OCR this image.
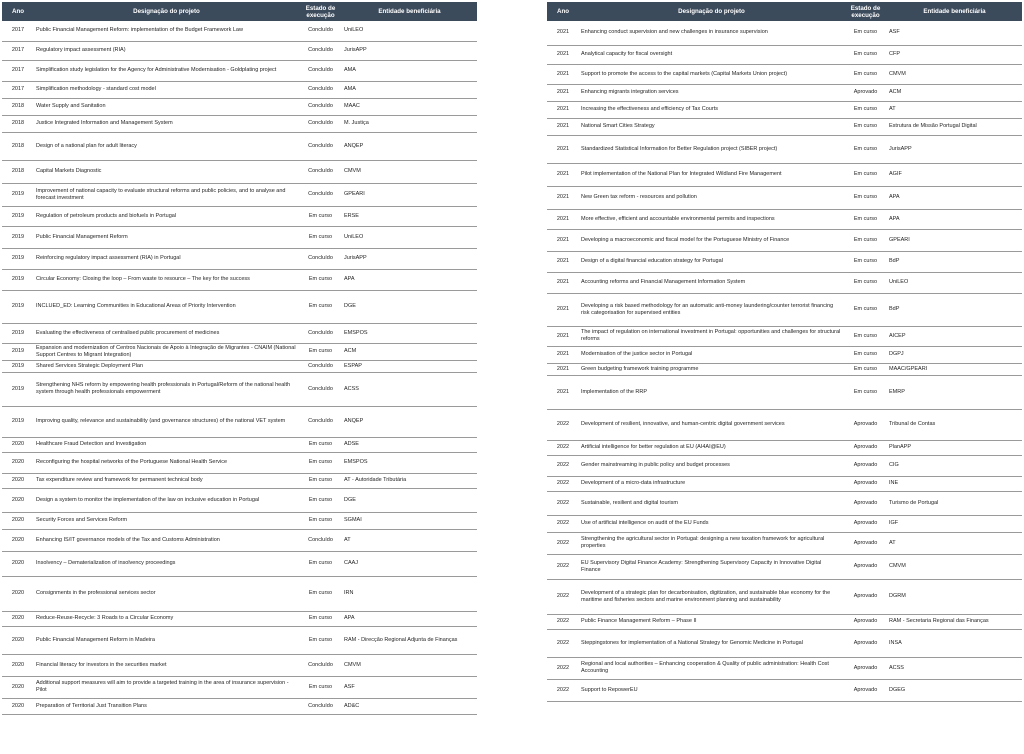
Ano	Designação do projeto	Estado de execução	Entidade beneficiária
2017	Public Financial Management Reform: implementation of the Budget Framework Law	Concluído	UniLEO
2017	Regulatory impact assessment (RIA)	Concluído	JurisAPP
2017	Simplification study legislation for the Agency for Administrative Modernisation - Goldplating project	Concluído	AMA
2017	Simplification methodology - standard cost model	Concluído	AMA
2018	Water Supply and Sanitation	Concluído	MAAC
2018	Justice Integrated Information and Management System	Concluído	M. Justiça
2018	Design of a national plan for adult literacy	Concluído	ANQEP
2018	Capital Markets Diagnostic	Concluído	CMVM
2019	Improvement of national capacity to evaluate structural reforms and public policies, and to analyse and forecast investment	Concluído	GPEARI
2019	Regulation of petroleum products and biofuels in Portugal	Em curso	ERSE
2019	Public Financial Management Reform	Em curso	UniLEO
2019	Reinforcing regulatory impact assessment (RIA) in Portugal	Concluído	JurisAPP
2019	Circular Economy: Closing the loop – From waste to resource – The key for the success	Em curso	APA
2019	INCLUED_ED: Learning Communities in Educational Areas of Priority Intervention	Em curso	DGE
2019	Evaluating the effectiveness of centralised public procurement of medicines	Concluído	EMSPOS
2019	Expansion and modernization of Centros Nacionais de Apoio à Integração de Migrantes - CNAIM (National Support Centres to Migrant Integration)	Em curso	ACM
2019	Shared Services Strategic Deployment Plan	Concluído	ESPAP
2019	Strengthening NHS reform by empowering health professionals in Portugal/Reform of the national health system through health professionals empowerment	Concluído	ACSS
2019	Improving quality, relevance and sustainability (and governance structures) of the national VET system	Concluído	ANQEP
2020	Healthcare Fraud Detection and Investigation	Em curso	ADSE
2020	Reconfiguring the hospital networks of the Portuguese National Health Service	Em curso	EMSPOS
2020	Tax expenditure review and framework for permanent technical body	Em curso	AT - Autoridade Tributária
2020	Design a system to monitor the implementation of the law on inclusive education in Portugal	Em curso	DGE
2020	Security Forces and Services Reform	Em curso	SGMAI
2020	Enhancing IS/IT governance models of the Tax and Customs Administration	Concluído	AT
2020	Insolvency – Dematerialization of insolvency proceedings	Em curso	CAAJ
2020	Consignments in the professional services sector	Em curso	IRN
2020	Reduce-Reuse-Recycle: 3 Roads to a Circular Economy	Em curso	APA
2020	Public Financial Management Reform in Madeira	Em curso	RAM - Direcção Regional Adjunta de Finanças
2020	Financial literacy for investors in the securities market	Concluído	CMVM
2020	Additional support measures will aim to provide a targeted training in the area of insurance supervision - Pilot	Em curso	ASF
2020	Preparation of Territorial Just Transition Plans	Concluído	AD&C
Ano	Designação do projeto	Estado de execução	Entidade beneficiária
2021	Enhancing conduct supervision and new challenges in insurance supervision	Em curso	ASF
2021	Analytical capacity for fiscal oversight	Em curso	CFP
2021	Support to promote the access to the capital markets (Capital Markets Union project)	Em curso	CMVM
2021	Enhancing migrants integration services	Aprovado	ACM
2021	Increasing the effectiveness and efficiency of Tax Courts	Em curso	AT
2021	National Smart Cities Strategy	Em curso	Estrutura de Missão Portugal Digital
2021	Standardized Statistical Information for Better Regulation project (SIBER project)	Em curso	JurisAPP
2021	Pilot implementation of the National Plan for Integrated Wildland Fire Management	Em curso	AGIF
2021	New Green tax reform - resources and pollution	Em curso	APA
2021	More effective, efficient and accountable environmental permits and inspections	Em curso	APA
2021	Developing a macroeconomic and fiscal model for the Portuguese Ministry of Finance	Em curso	GPEARI
2021	Design of a digital financial education strategy for Portugal	Em curso	BdP
2021	Accounting reforms and Financial Management Information System	Em curso	UniLEO
2021	Developing a risk based methodology for an automatic anti-money laundering/counter terrorist financing risk categorisation for supervised entities	Em curso	BdP
2021	The impact of regulation on international investment in Portugal: opportunities and challenges for structural reforms	Em curso	AICEP
2021	Modernisation of the justice sector in Portugal	Em curso	DGPJ
2021	Green budgeting framework training programme	Em curso	MAAC/GPEARI
2021	Implementation of the RRP	Em curso	EMRP
2022	Development of resilient, innovative, and human-centric digital government services	Aprovado	Tribunal de Contas
2022	Artificial intelligence for better regulation at EU (AI4AI@EU)	Aprovado	PlanAPP
2022	Gender mainstreaming in public policy and budget processes	Aprovado	CIG
2022	Development of a micro-data infrastructure	Aprovado	INE
2022	Sustainable, resilient and digital tourism	Aprovado	Turismo de Portugal
2022	Use of artificial intelligence on audit of the EU Funds	Aprovado	IGF
2022	Strengthening the agricultural sector in Portugal: designing a new taxation framework for agricultural properties	Aprovado	AT
2022	EU Supervisory Digital Finance Academy: Strengthening Supervisory Capacity in Innovative Digital Finance	Aprovado	CMVM
2022	Development of a strategic plan for decarbonisation, digitization, and sustainable blue economy for the maritime and fisheries sectors and marine environment planning and sustainability	Aprovado	DGRM
2022	Public Finance Management Reform – Phase II	Aprovado	RAM - Secretaria Regional das Finanças
2022	Steppingstones for implementation of a National Strategy for Genomic Medicine in Portugal	Aprovado	INSA
2022	Regional and local authorities – Enhancing cooperation & Quality of public administration: Health Cost Accounting	Aprovado	ACSS
2022	Support to RepowerEU	Aprovado	DGEG
